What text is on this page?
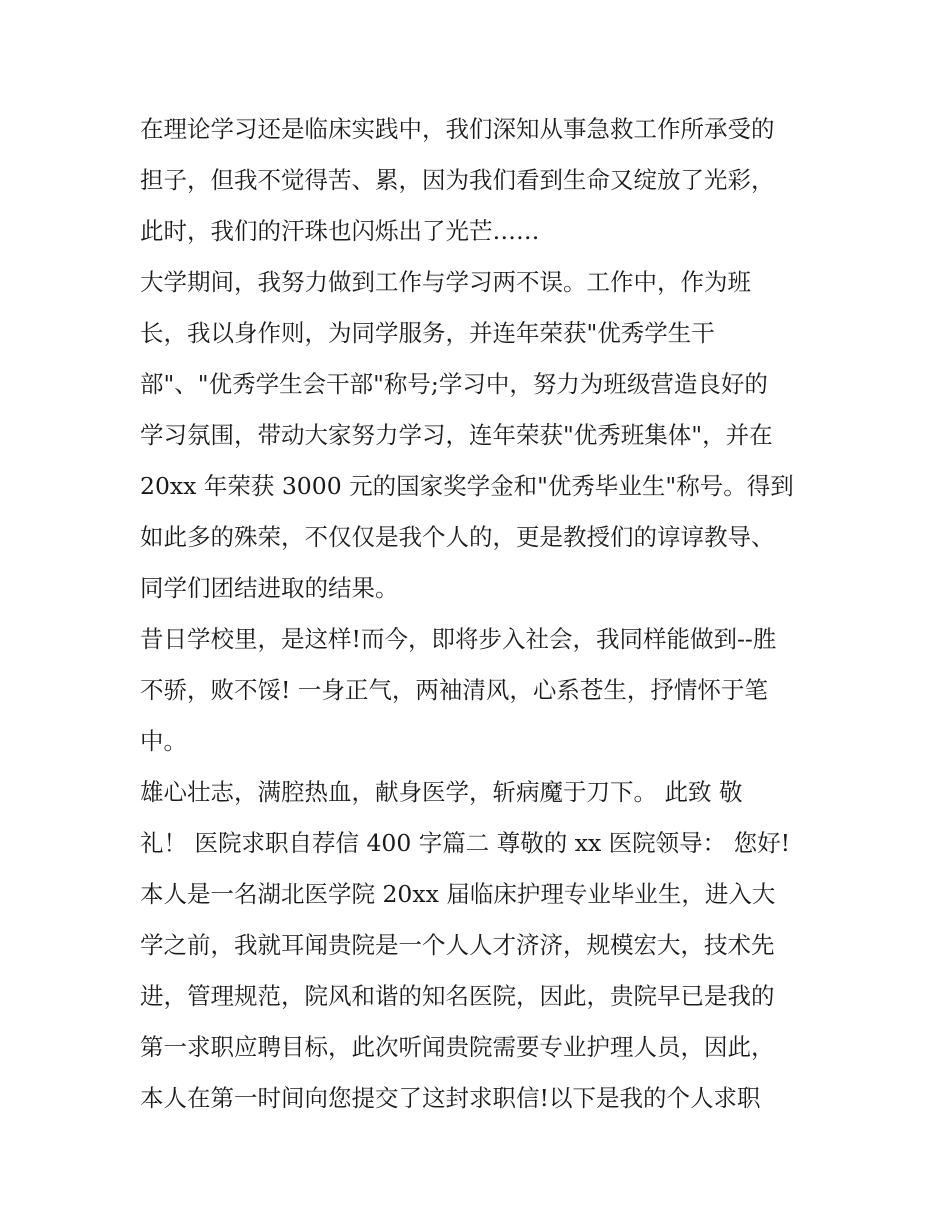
在理论学习还是临床实践中，我们深知从事急救工作所承受的
担子，但我不觉得苦、累，因为我们看到生命又绽放了光彩，
此时，我们的汗珠也闪烁出了光芒……
大学期间，我努力做到工作与学习两不误。工作中，作为班
长，我以身作则，为同学服务，并连年荣获"优秀学生干
部"、"优秀学生会干部"称号;学习中，努力为班级营造良好的
学习氛围，带动大家努力学习，连年荣获"优秀班集体"，并在
20xx 年荣获 3000 元的国家奖学金和"优秀毕业生"称号。得到
如此多的殊荣，不仅仅是我个人的，更是教授们的谆谆教导、
同学们团结进取的结果。
昔日学校里，是这样!而今，即将步入社会，我同样能做到--胜
不骄，败不馁! 一身正气，两袖清风，心系苍生，抒情怀于笔
中。
雄心壮志，满腔热血，献身医学，斩病魔于刀下。 此致 敬
礼！ 医院求职自荐信 400 字篇二 尊敬的 xx 医院领导： 您好!
本人是一名湖北医学院 20xx 届临床护理专业毕业生，进入大
学之前，我就耳闻贵院是一个人人才济济，规模宏大，技术先
进，管理规范，院风和谐的知名医院，因此，贵院早已是我的
第一求职应聘目标，此次听闻贵院需要专业护理人员，因此，
本人在第一时间向您提交了这封求职信!以下是我的个人求职
